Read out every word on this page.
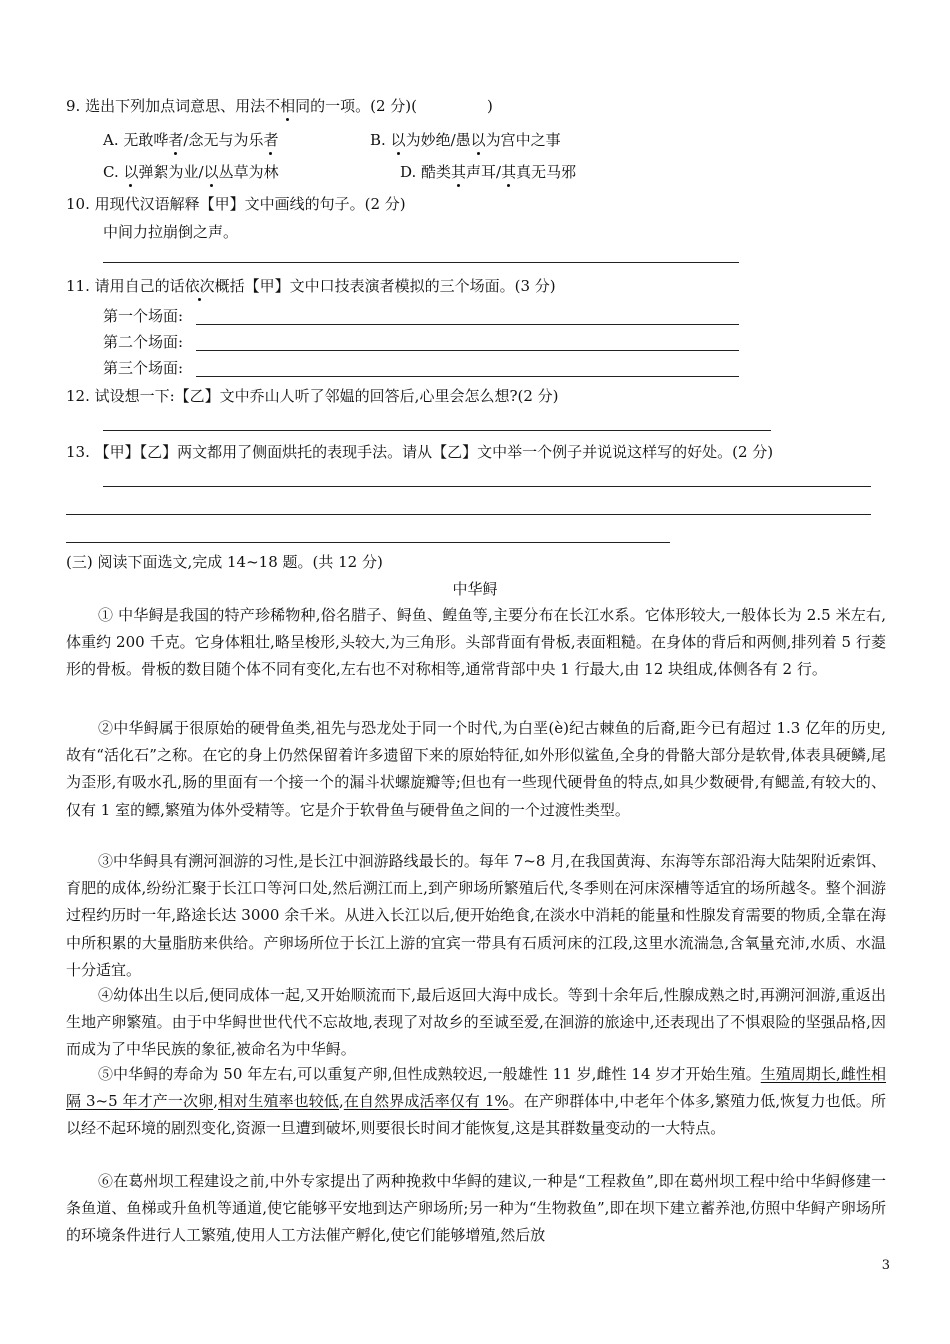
9. 选出下列加点词意思、用法不相同的一项。(2 分)(	)
A. 无敢哗者/念无与为乐者	B. 以为妙绝/愚以为宫中之事
C. 以弹絮为业/以丛草为林	D. 酷类其声耳/其真无马邪
10. 用现代汉语解释【甲】文中画线的句子。(2 分)
中间力拉崩倒之声。
11. 请用自己的话依次概括【甲】文中口技表演者模拟的三个场面。(3 分)
第一个场面:
第二个场面:
第三个场面:
12. 试设想一下:【乙】文中乔山人听了邻媪的回答后,心里会怎么想?(2 分)
13. 【甲】【乙】两文都用了侧面烘托的表现手法。请从【乙】文中举一个例子并说说这样写的好处。(2 分)
(三) 阅读下面选文,完成 14~18 题。(共 12 分)
中华鲟
① 中华鲟是我国的特产珍稀物种,俗名腊子、鲟鱼、鳇鱼等,主要分布在长江水系。它体形较大,一般体长为 2.5 米左右,体重约 200 千克。它身体粗壮,略呈梭形,头较大,为三角形。头部背面有骨板,表面粗糙。在身体的背后和两侧,排列着 5 行菱形的骨板。骨板的数目随个体不同有变化,左右也不对称相等,通常背部中央 1 行最大,由 12 块组成,体侧各有 2 行。
②中华鲟属于很原始的硬骨鱼类,祖先与恐龙处于同一个时代,为白垩(è)纪古棘鱼的后裔,距今已有超过 1.3 亿年的历史,故有“活化石”之称。在它的身上仍然保留着许多遗留下来的原始特征,如外形似鲨鱼,全身的骨骼大部分是软骨,体表具硬鳞,尾为歪形,有吸水孔,肠的里面有一个接一个的漏斗状螺旋瓣等;但也有一些现代硬骨鱼的特点,如具少数硬骨,有鳃盖,有较大的、仅有 1 室的鳔,繁殖为体外受精等。它是介于软骨鱼与硬骨鱼之间的一个过渡性类型。
③中华鲟具有溯河洄游的习性,是长江中洄游路线最长的。每年 7~8 月,在我国黄海、东海等东部沿海大陆架附近索饵、育肥的成体,纷纷汇聚于长江口等河口处,然后溯江而上,到产卵场所繁殖后代,冬季则在河床深槽等适宜的场所越冬。整个洄游过程约历时一年,路途长达 3000 余千米。从进入长江以后,便开始绝食,在淡水中消耗的能量和性腺发育需要的物质,全靠在海中所积累的大量脂肪来供给。产卵场所位于长江上游的宜宾一带具有石质河床的江段,这里水流湍急,含氧量充沛,水质、水温十分适宜。
④幼体出生以后,便同成体一起,又开始顺流而下,最后返回大海中成长。等到十余年后,性腺成熟之时,再溯河洄游,重返出生地产卵繁殖。由于中华鲟世世代代不忘故地,表现了对故乡的至诚至爱,在洄游的旅途中,还表现出了不惧艰险的坚强品格,因而成为了中华民族的象征,被命名为中华鲟。
⑤中华鲟的寿命为 50 年左右,可以重复产卵,但性成熟较迟,一般雄性 11 岁,雌性 14 岁才开始生殖。生殖周期长,雌性相隔 3~5 年才产一次卵,相对生殖率也较低,在自然界成活率仅有 1%。在产卵群体中,中老年个体多,繁殖力低,恢复力也低。所以经不起环境的剧烈变化,资源一旦遭到破坏,则要很长时间才能恢复,这是其群数量变动的一大特点。
⑥在葛州坝工程建设之前,中外专家提出了两种挽救中华鲟的建议,一种是“工程救鱼”,即在葛州坝工程中给中华鲟修建一条鱼道、鱼梯或升鱼机等通道,使它能够平安地到达产卵场所;另一种为“生物救鱼”,即在坝下建立蓄养池,仿照中华鲟产卵场所的环境条件进行人工繁殖,使用人工方法催产孵化,使它们能够增殖,然后放
3
